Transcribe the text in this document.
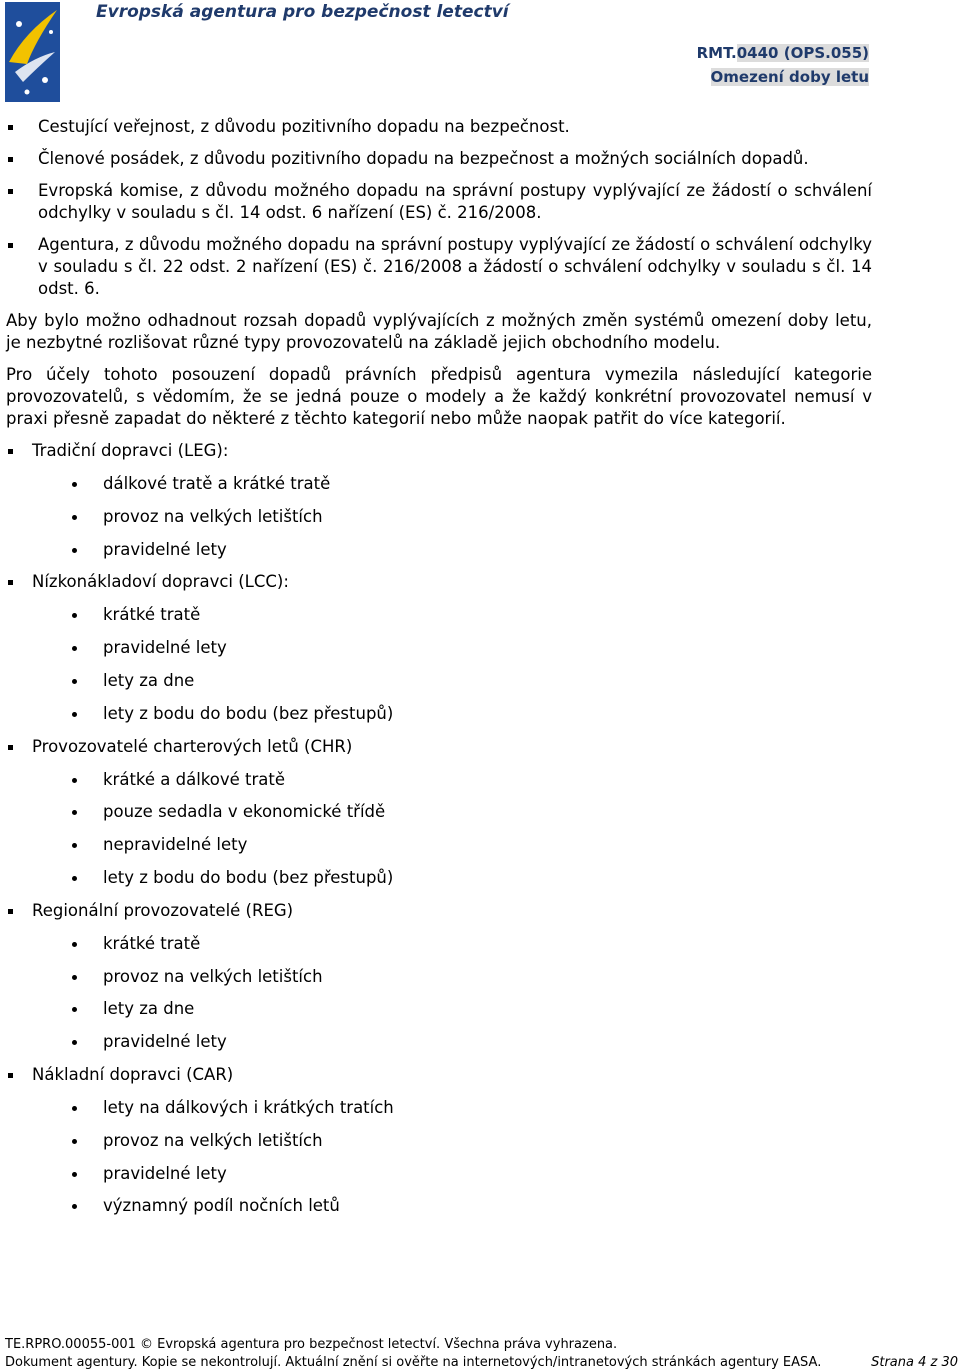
Evropská agentura pro bezpečnost letectví
RMT.0440 (OPS.055)
Omezení doby letu
Cestující veřejnost, z důvodu pozitivního dopadu na bezpečnost.
Členové posádek, z důvodu pozitivního dopadu na bezpečnost a možných sociálních dopadů.
Evropská komise, z důvodu možného dopadu na správní postupy vyplývající ze žádostí o schválení odchylky v souladu s čl. 14 odst. 6 nařízení (ES) č. 216/2008.
Agentura, z důvodu možného dopadu na správní postupy vyplývající ze žádostí o schválení odchylky v souladu s čl. 22 odst. 2 nařízení (ES) č. 216/2008 a žádostí o schválení odchylky v souladu s čl. 14 odst. 6.

Aby bylo možno odhadnout rozsah dopadů vyplývajících z možných změn systémů omezení doby letu, je nezbytné rozlišovat různé typy provozovatelů na základě jejich obchodního modelu.

Pro účely tohoto posouzení dopadů právních předpisů agentura vymezila následující kategorie provozovatelů, s vědomím, že se jedná pouze o modely a že každý konkrétní provozovatel nemusí v praxi přesně zapadat do některé z těchto kategorií nebo může naopak patřit do více kategorií.

Tradiční dopravci (LEG):
dálkové tratě a krátké tratě
provoz na velkých letištích
pravidelné lety
Nízkonákladoví dopravci (LCC):
krátké tratě
pravidelné lety
lety za dne
lety z bodu do bodu (bez přestupů)
Provozovatelé charterových letů (CHR)
krátké a dálkové tratě
pouze sedadla v ekonomické třídě
nepravidelné lety
lety z bodu do bodu (bez přestupů)
Regionální provozovatelé (REG)
krátké tratě
provoz na velkých letištích
lety za dne
pravidelné lety
Nákladní dopravci (CAR)
lety na dálkových i krátkých tratích
provoz na velkých letištích
pravidelné lety
významný podíl nočních letů
TE.RPRO.00055-001 © Evropská agentura pro bezpečnost letectví. Všechna práva vyhrazena.
Dokument agentury. Kopie se nekontrolují. Aktuální znění si ověřte na internetových/intranetových stránkách agentury EASA.	Strana 4 z 30
